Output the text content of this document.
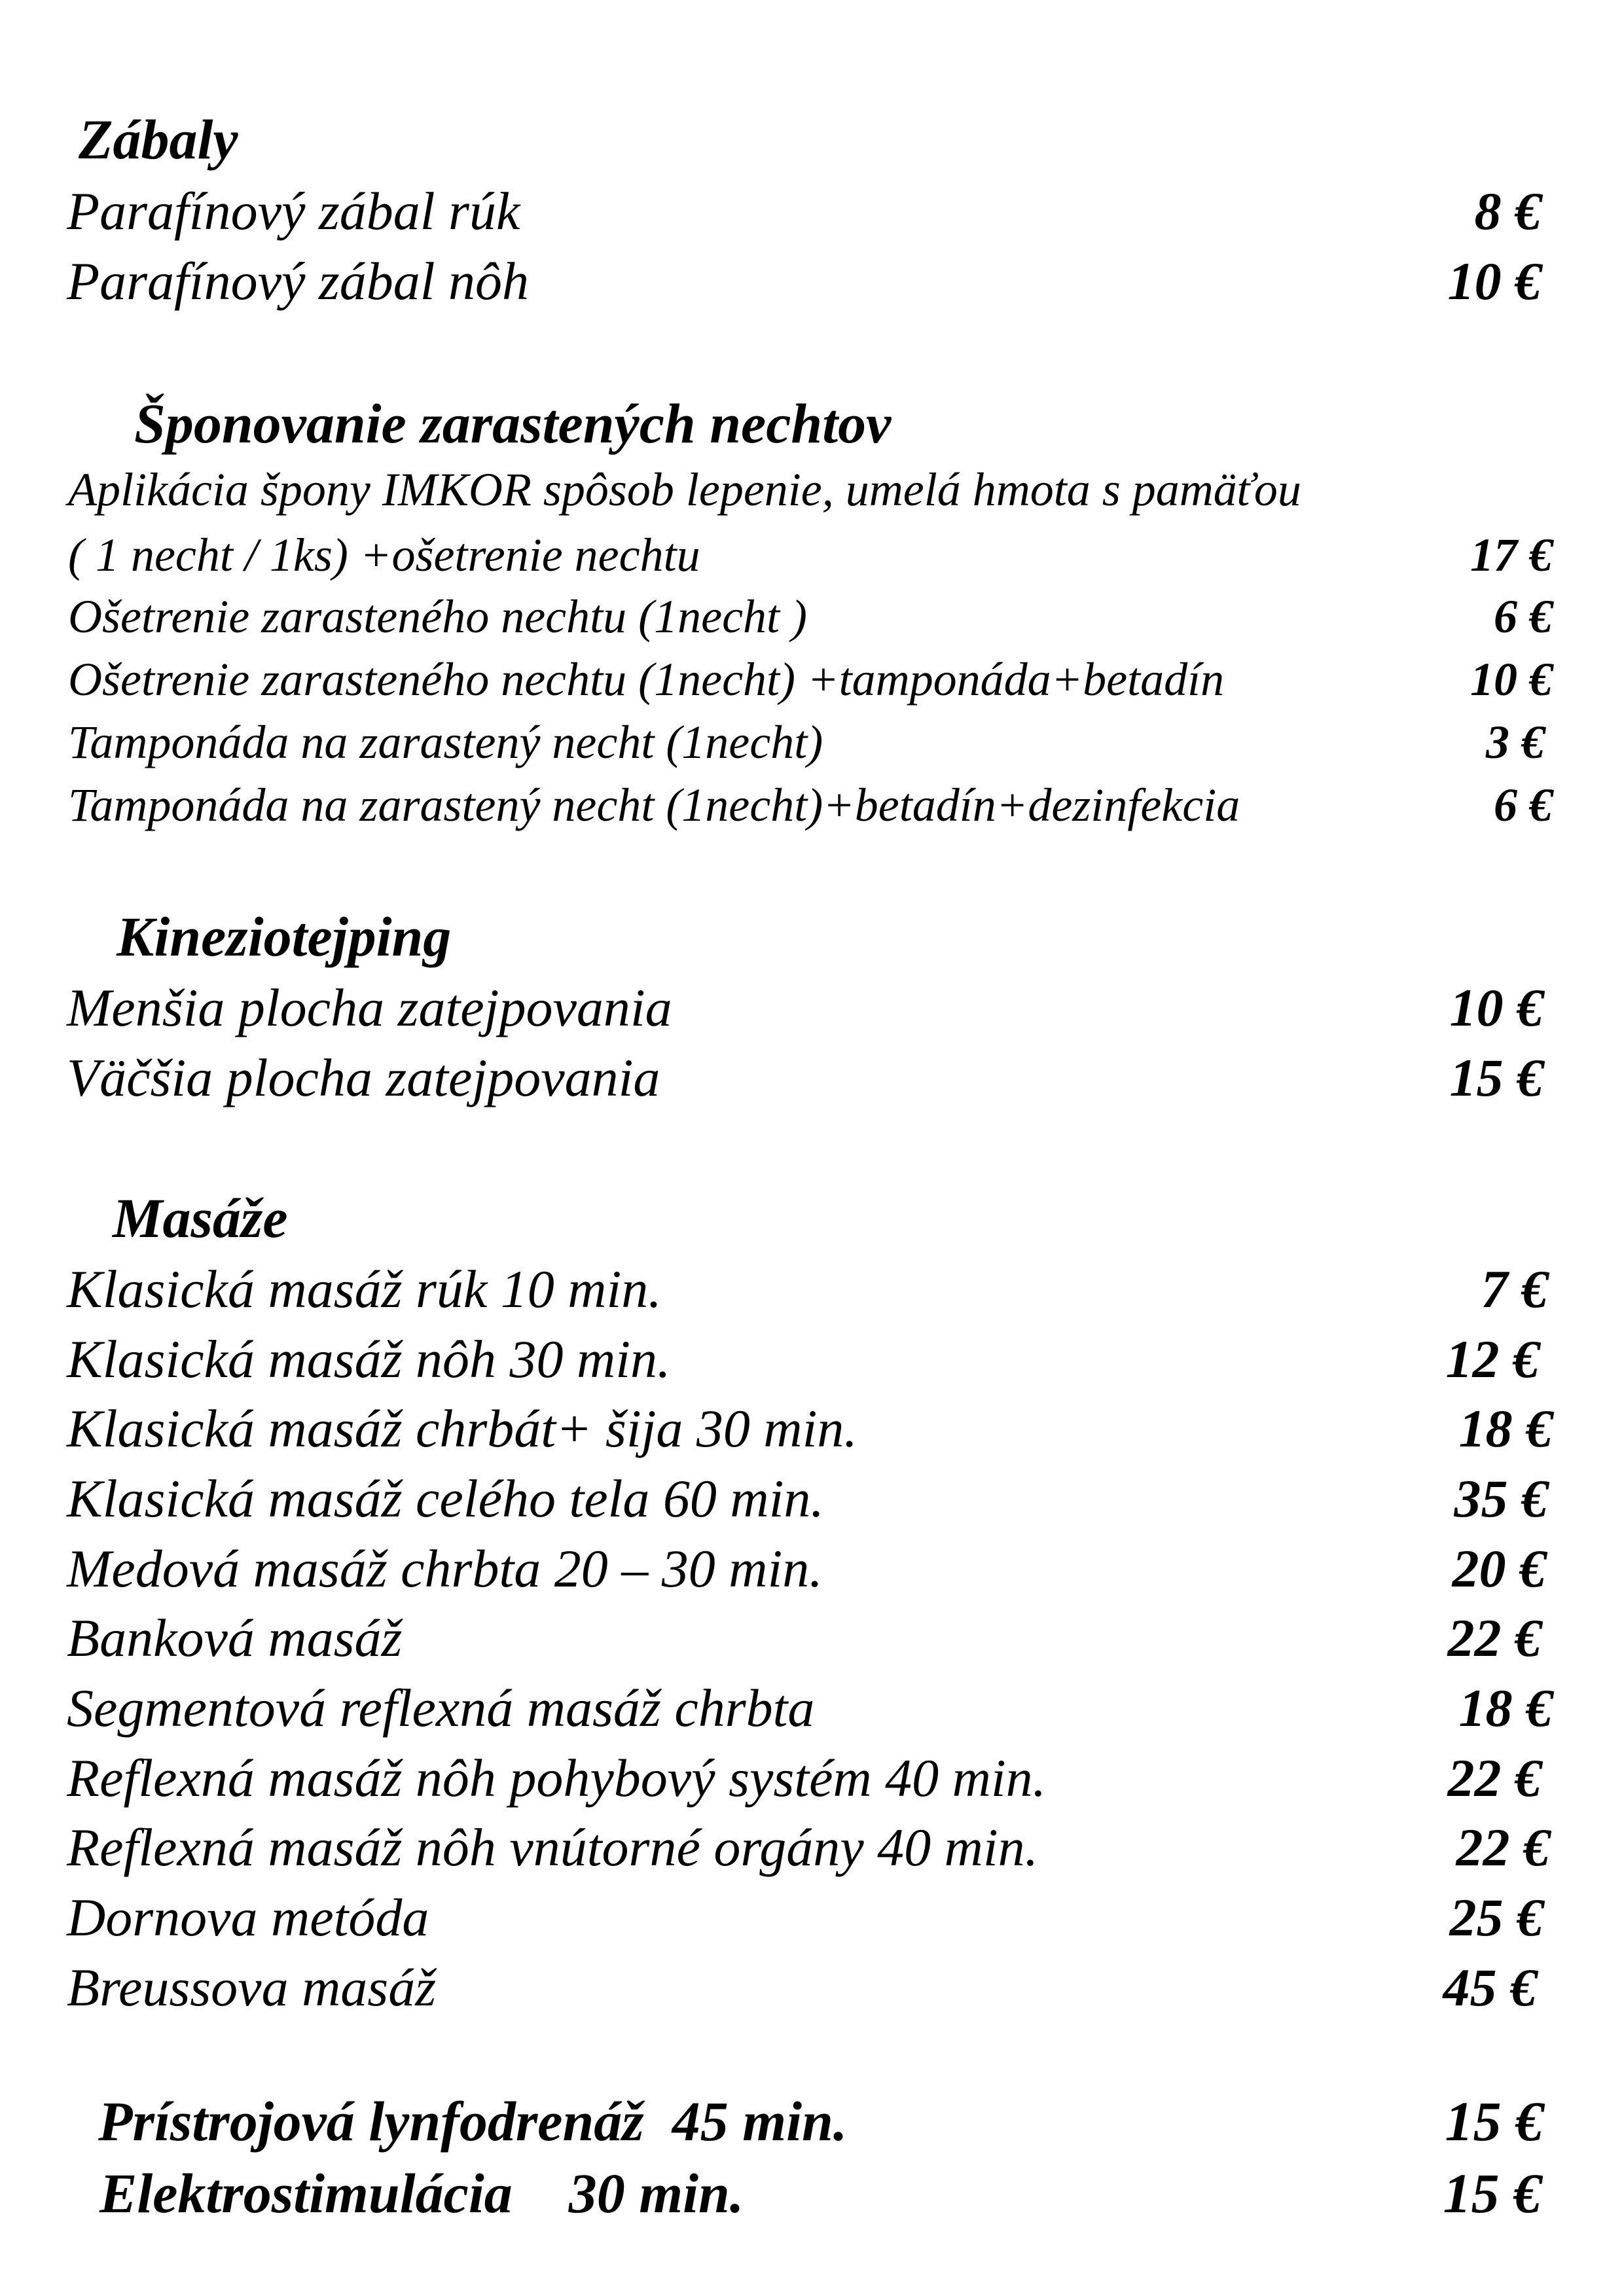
Zábaly
Parafínový zábal rúk	8 €
Parafínový zábal nôh	10 €
Šponovanie zarastených nechtov
Aplikácia špony IMKOR spôsob lepenie, umelá hmota s pamäťou
( 1 necht / 1ks) +ošetrenie nechtu	17 €
Ošetrenie zarasteného nechtu (1necht )	6 €
Ošetrenie zarasteného nechtu (1necht) +tamponáda+betadín	10 €
Tamponáda na zarastený necht (1necht)	3 €
Tamponáda na zarastený necht (1necht)+betadín+dezinfekcia	6 €
Kineziotejping
Menšia plocha zatejpovania	10 €
Väčšia plocha zatejpovania	15 €
Masáže
Klasická masáž rúk 10 min.	7 €
Klasická masáž nôh 30 min.	12 €
Klasická masáž chrbát+ šija 30 min.	18 €
Klasická masáž celého tela 60 min.	35 €
Medová masáž chrbta 20 – 30 min.	20 €
Banková masáž	22 €
Segmentová reflexná masáž chrbta	18 €
Reflexná masáž nôh pohybový systém 40 min.	22 €
Reflexná masáž nôh vnútorné orgány 40 min.	22 €
Dornova metóda	25 €
Breussova masáž	45 €
Prístrojová lynfodrenáž  45 min.	15 €
Elektrostimulácia    30 min.	15 €
